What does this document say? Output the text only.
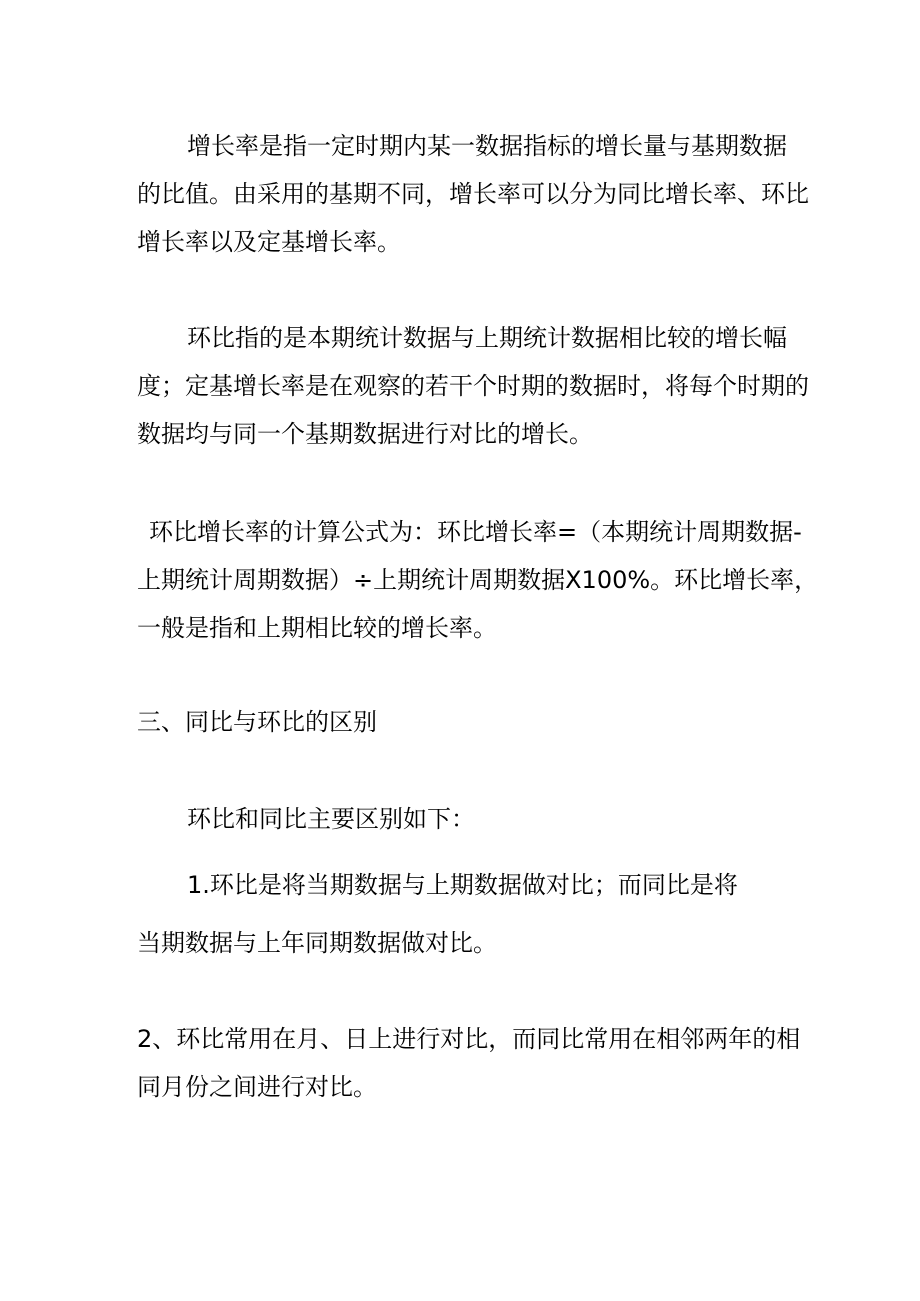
增长率是指一定时期内某一数据指标的增长量与基期数据
的比值。由采用的基期不同，增长率可以分为同比增长率、环比
增长率以及定基增长率。
环比指的是本期统计数据与上期统计数据相比较的增长幅
度；定基增长率是在观察的若干个时期的数据时，将每个时期的
数据均与同一个基期数据进行对比的增长。
环比增长率的计算公式为：环比增长率=（本期统计周期数据-
上期统计周期数据）÷上期统计周期数据X100%。环比增长率，
一般是指和上期相比较的增长率。
三、同比与环比的区别
环比和同比主要区别如下：
1.环比是将当期数据与上期数据做对比；而同比是将
当期数据与上年同期数据做对比。
2、环比常用在月、日上进行对比，而同比常用在相邻两年的相
同月份之间进行对比。
